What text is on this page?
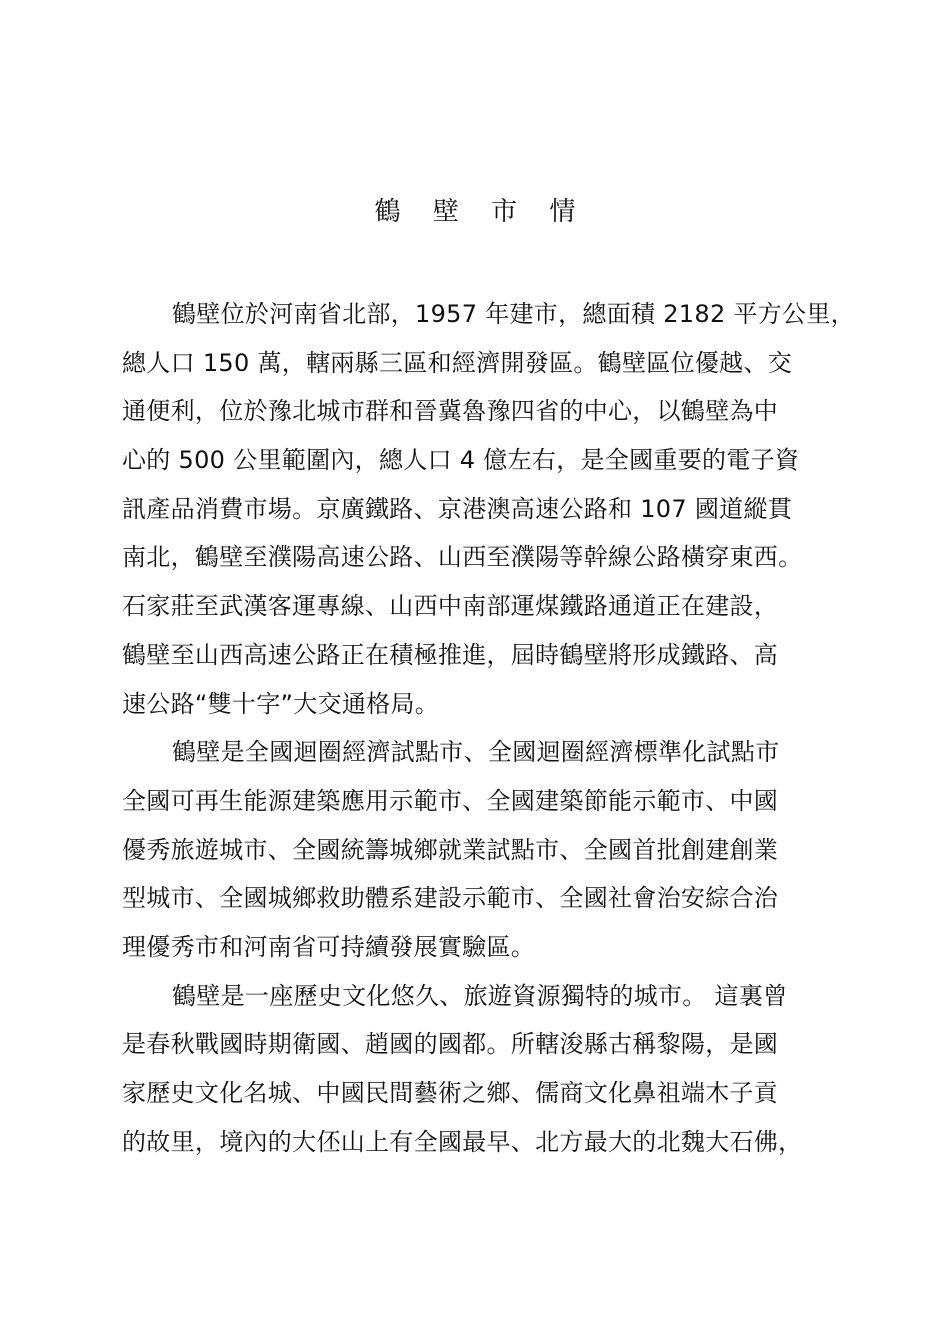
鶴 壁 市 情
鶴壁位於河南省北部，1957 年建市，總面積 2182 平方公里，
總人口 150 萬，轄兩縣三區和經濟開發區。鶴壁區位優越、交
通便利，位於豫北城市群和晉冀魯豫四省的中心，以鶴壁為中
心的 500 公里範圍內，總人口 4 億左右，是全國重要的電子資
訊產品消費市場。京廣鐵路、京港澳高速公路和 107 國道縱貫
南北，鶴壁至濮陽高速公路、山西至濮陽等幹線公路橫穿東西。
石家莊至武漢客運專線、山西中南部運煤鐵路通道正在建設，
鶴壁至山西高速公路正在積極推進，屆時鶴壁將形成鐵路、高
速公路“雙十字”大交通格局。
鶴壁是全國迴圈經濟試點市、全國迴圈經濟標準化試點市
全國可再生能源建築應用示範市、全國建築節能示範市、中國
優秀旅遊城市、全國統籌城鄉就業試點市、全國首批創建創業
型城市、全國城鄉救助體系建設示範市、全國社會治安綜合治
理優秀市和河南省可持續發展實驗區。
鶴壁是一座歷史文化悠久、旅遊資源獨特的城市。 這裏曾
是春秋戰國時期衛國、趙國的國都。所轄浚縣古稱黎陽，是國
家歷史文化名城、中國民間藝術之鄉、儒商文化鼻祖端木子貢
的故里，境內的大伾山上有全國最早、北方最大的北魏大石佛，
